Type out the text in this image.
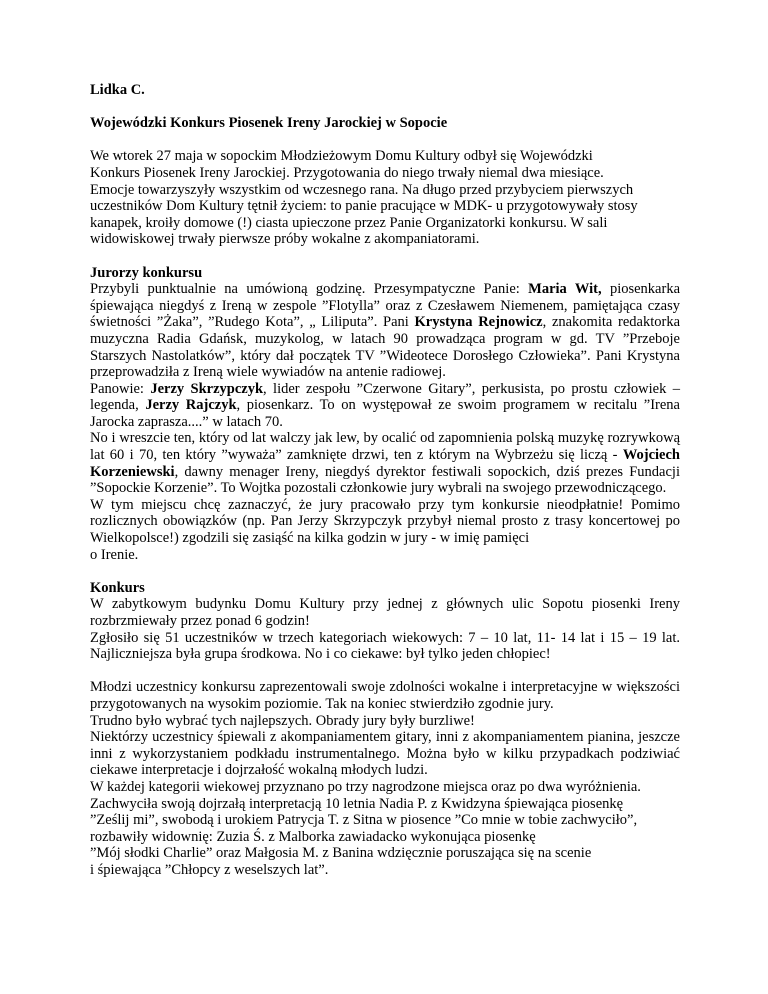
Lidka C.

Wojewódzki Konkurs Piosenek Ireny Jarockiej w Sopocie

We wtorek 27 maja w sopockim Młodzieżowym Domu Kultury odbył się Wojewódzki

Konkurs Piosenek Ireny Jarockiej. Przygotowania do niego trwały niemal dwa miesiące.

Emocje towarzyszyły wszystkim od wczesnego rana. Na długo przed przybyciem pierwszych

uczestników Dom Kultury tętnił życiem: to panie pracujące w MDK- u przygotowywały stosy

kanapek, kroiły domowe (!) ciasta upieczone przez Panie Organizatorki konkursu. W sali

widowiskowej trwały pierwsze próby wokalne z akompaniatorami.

Jurorzy konkursu

Przybyli punktualnie na umówioną godzinę. Przesympatyczne Panie: Maria Wit, piosenkarka śpiewająca niegdyś z Ireną w zespole ”Flotylla” oraz z Czesławem Niemenem, pamiętająca czasy świetności ”Żaka”, ”Rudego Kota”, „ Liliputa”. Pani Krystyna Rejnowicz, znakomita redaktorka muzyczna Radia Gdańsk, muzykolog, w latach 90 prowadząca program w gd. TV ”Przeboje Starszych Nastolatków”, który dał początek TV ”Wideotece Dorosłego Człowieka”. Pani Krystyna przeprowadziła z Ireną wiele wywiadów na antenie radiowej.

Panowie: Jerzy Skrzypczyk, lider zespołu ”Czerwone Gitary”, perkusista, po prostu człowiek – legenda, Jerzy Rajczyk, piosenkarz. To on występował ze swoim programem w recitalu ”Irena Jarocka zaprasza....” w latach 70.

No i wreszcie ten, który od lat walczy jak lew, by ocalić od zapomnienia polską muzykę rozrywkową lat 60 i 70, ten który ”wyważa” zamknięte drzwi, ten z którym na Wybrzeżu się liczą - Wojciech Korzeniewski, dawny menager Ireny, niegdyś dyrektor festiwali sopockich, dziś prezes Fundacji ”Sopockie Korzenie”. To Wojtka pozostali członkowie jury wybrali na swojego przewodniczącego.

W tym miejscu chcę zaznaczyć, że jury pracowało przy tym konkursie nieodpłatnie! Pomimo rozlicznych obowiązków (np. Pan Jerzy Skrzypczyk przybył niemal prosto z trasy koncertowej po Wielkopolsce!) zgodzili się zasiąść na kilka godzin w jury - w imię pamięci

o Irenie.

Konkurs

W zabytkowym budynku Domu Kultury przy jednej z głównych ulic Sopotu piosenki Ireny rozbrzmiewały przez ponad 6 godzin!

Zgłosiło się 51 uczestników w trzech kategoriach wiekowych: 7 – 10 lat, 11- 14 lat i 15 – 19 lat. Najliczniejsza była grupa środkowa. No i co ciekawe: był tylko jeden chłopiec!

Młodzi uczestnicy konkursu zaprezentowali swoje zdolności wokalne i interpretacyjne w większości przygotowanych na wysokim poziomie. Tak na koniec stwierdziło zgodnie jury.

Trudno było wybrać tych najlepszych. Obrady jury były burzliwe!

Niektórzy uczestnicy śpiewali z akompaniamentem gitary, inni z akompaniamentem pianina, jeszcze inni z wykorzystaniem podkładu instrumentalnego. Można było w kilku przypadkach podziwiać ciekawe interpretacje i dojrzałość wokalną młodych ludzi.

W każdej kategorii wiekowej przyznano po trzy nagrodzone miejsca oraz po dwa wyróżnienia.

Zachwyciła swoją dojrzałą interpretacją 10 letnia Nadia P. z Kwidzyna śpiewająca piosenkę

”Ześlij mi”, swobodą i urokiem Patrycja T. z Sitna w piosence ”Co mnie w tobie zachwyciło”,

rozbawiły widownię: Zuzia Ś. z Malborka zawiadacko wykonująca piosenkę

”Mój słodki Charlie” oraz Małgosia M. z Banina wdzięcznie poruszająca się na scenie

i śpiewająca ”Chłopcy z weselszych lat”.
